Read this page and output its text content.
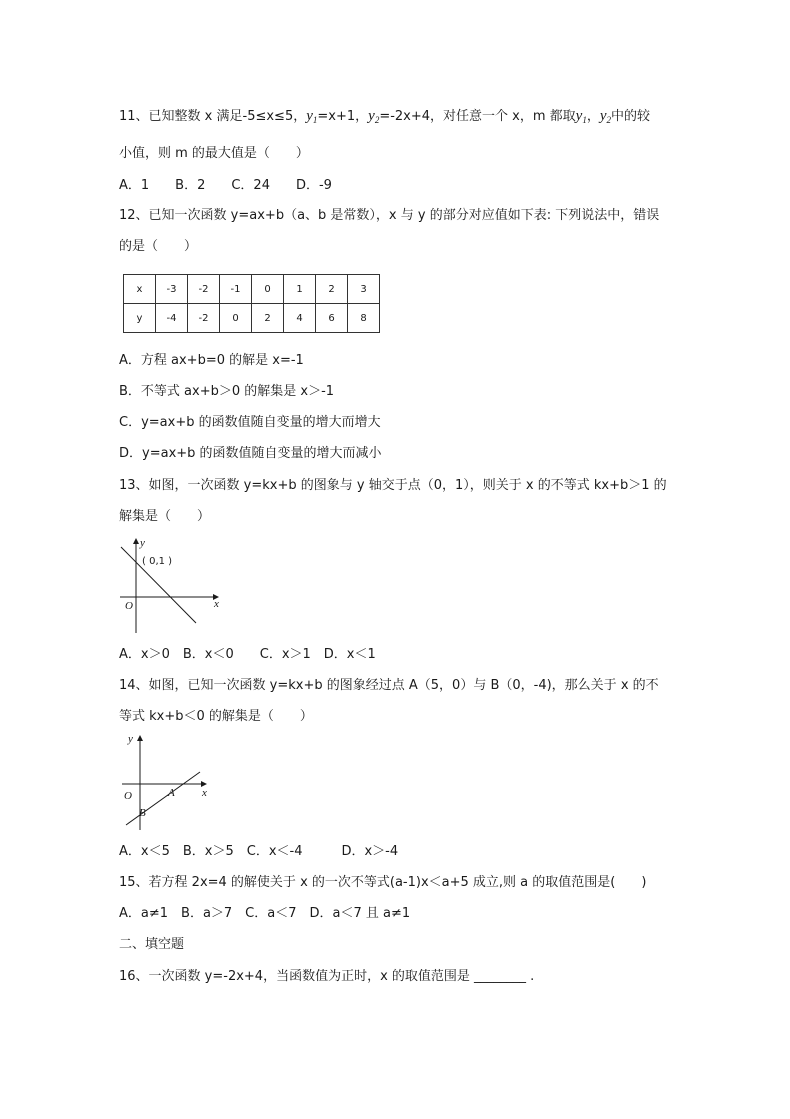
11、已知整数 x 满足-5≤x≤5，$y_1=x+1$，$y_2=-2x+4$，对任意一个 x，m 都取$y_1$，$y_2$中的较
小值，则 m 的最大值是（　　）
A．1　　B．2　　C．24　　D．-9
12、已知一次函数 y=ax+b（a、b 是常数），x 与 y 的部分对应值如下表: 下列说法中，错误
的是（　　）
x	-3	-2	-1	0	1	2	3
y	-4	-2	0	2	4	6	8
A．方程 ax+b=0 的解是 x=-1
B．不等式 ax+b＞0 的解集是 x＞-1
C．y=ax+b 的函数值随自变量的增大而增大
D．y=ax+b 的函数值随自变量的增大而减小
13、如图，一次函数 y=kx+b 的图象与 y 轴交于点（0，1），则关于 x 的不等式 kx+b＞1 的
解集是（　　）
y
( 0,1 )
O	x
A．x＞0　B．x＜0　　C．x＞1　D．x＜1
14、如图，已知一次函数 y=kx+b 的图象经过点 A（5，0）与 B（0，-4)，那么关于 x 的不
等式 kx+b＜0 的解集是（　　）
y
O	A
B
x
A．x＜5　B．x＞5　C．x＜-4　　　D．x＞-4
15、若方程 2x=4 的解使关于 x 的一次不等式(a-1)x＜a+5 成立,则 a 的取值范围是(　　)
A．a≠1　B．a＞7　C．a＜7　D．a＜7 且 a≠1
二、填空题
16、一次函数 y=-2x+4，当函数值为正时，x 的取值范围是 ________ .
